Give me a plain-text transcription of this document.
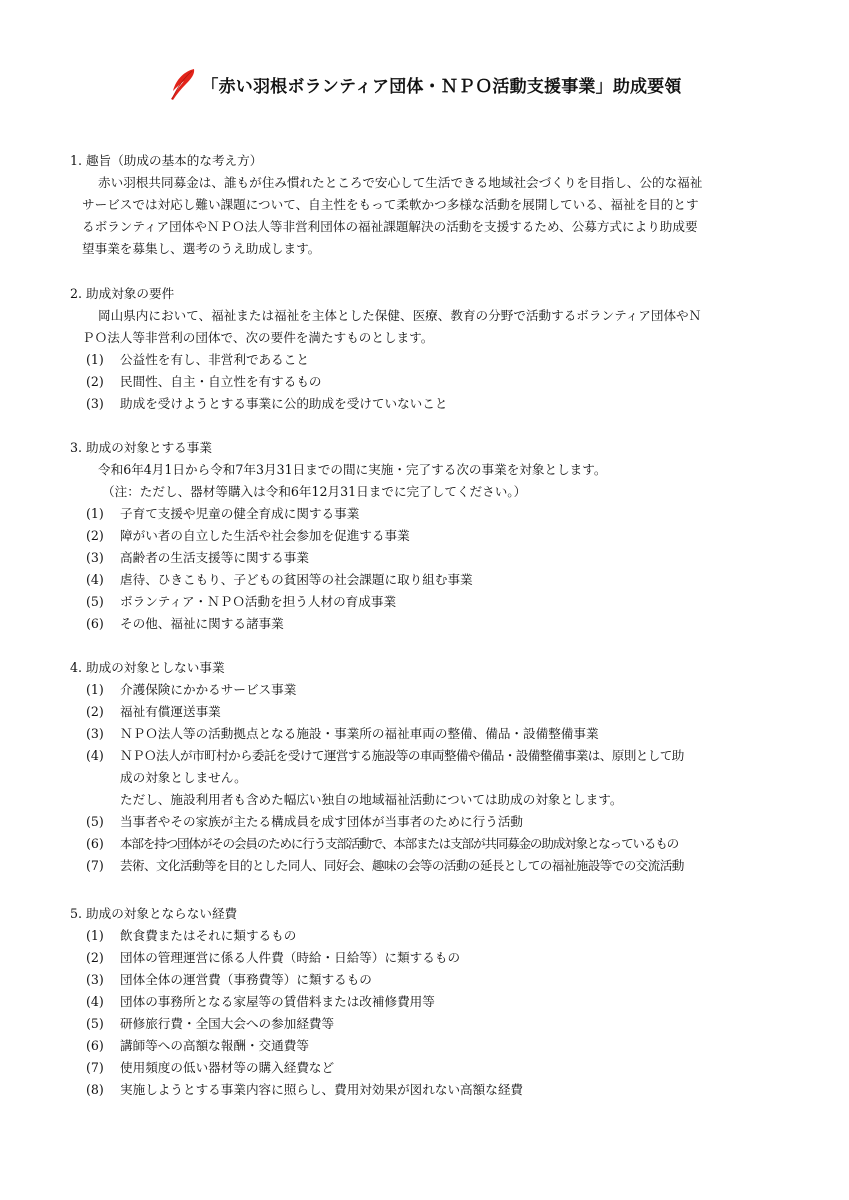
「赤い羽根ボランティア団体・ＮＰＯ活動支援事業」助成要領
1. 趣旨（助成の基本的な考え方）
赤い羽根共同募金は、誰もが住み慣れたところで安心して生活できる地域社会づくりを目指し、公的な福祉
サービスでは対応し難い課題について、自主性をもって柔軟かつ多様な活動を展開している、福祉を目的とす
るボランティア団体やＮＰＯ法人等非営利団体の福祉課題解決の活動を支援するため、公募方式により助成要
望事業を募集し、選考のうえ助成します。
2. 助成対象の要件
岡山県内において、福祉または福祉を主体とした保健、医療、教育の分野で活動するボランティア団体やＮ
ＰＯ法人等非営利の団体で、次の要件を満たすものとします。
(1)	公益性を有し、非営利であること
(2)	民間性、自主・自立性を有するもの
(3)	助成を受けようとする事業に公的助成を受けていないこと
3. 助成の対象とする事業
令和6年4月1日から令和7年3月31日までの間に実施・完了する次の事業を対象とします。
（注：ただし、器材等購入は令和6年12月31日までに完了してください。）
(1)	子育て支援や児童の健全育成に関する事業
(2)	障がい者の自立した生活や社会参加を促進する事業
(3)	高齢者の生活支援等に関する事業
(4)	虐待、ひきこもり、子どもの貧困等の社会課題に取り組む事業
(5)	ボランティア・ＮＰＯ活動を担う人材の育成事業
(6)	その他、福祉に関する諸事業
4. 助成の対象としない事業
(1)	介護保険にかかるサービス事業
(2)	福祉有償運送事業
(3)	ＮＰＯ法人等の活動拠点となる施設・事業所の福祉車両の整備、備品・設備整備事業
(4)	ＮＰＯ法人が市町村から委託を受けて運営する施設等の車両整備や備品・設備整備事業は、原則として助
成の対象としません。
ただし、施設利用者も含めた幅広い独自の地域福祉活動については助成の対象とします。
(5)	当事者やその家族が主たる構成員を成す団体が当事者のために行う活動
(6)	本部を持つ団体がその会員のために行う支部活動で、本部または支部が共同募金の助成対象となっているもの
(7)	芸術、文化活動等を目的とした同人、同好会、趣味の会等の活動の延長としての福祉施設等での交流活動
5. 助成の対象とならない経費
(1)	飲食費またはそれに類するもの
(2)	団体の管理運営に係る人件費（時給・日給等）に類するもの
(3)	団体全体の運営費（事務費等）に類するもの
(4)	団体の事務所となる家屋等の賃借料または改補修費用等
(5)	研修旅行費・全国大会への参加経費等
(6)	講師等への高額な報酬・交通費等
(7)	使用頻度の低い器材等の購入経費など
(8)	実施しようとする事業内容に照らし、費用対効果が図れない高額な経費
